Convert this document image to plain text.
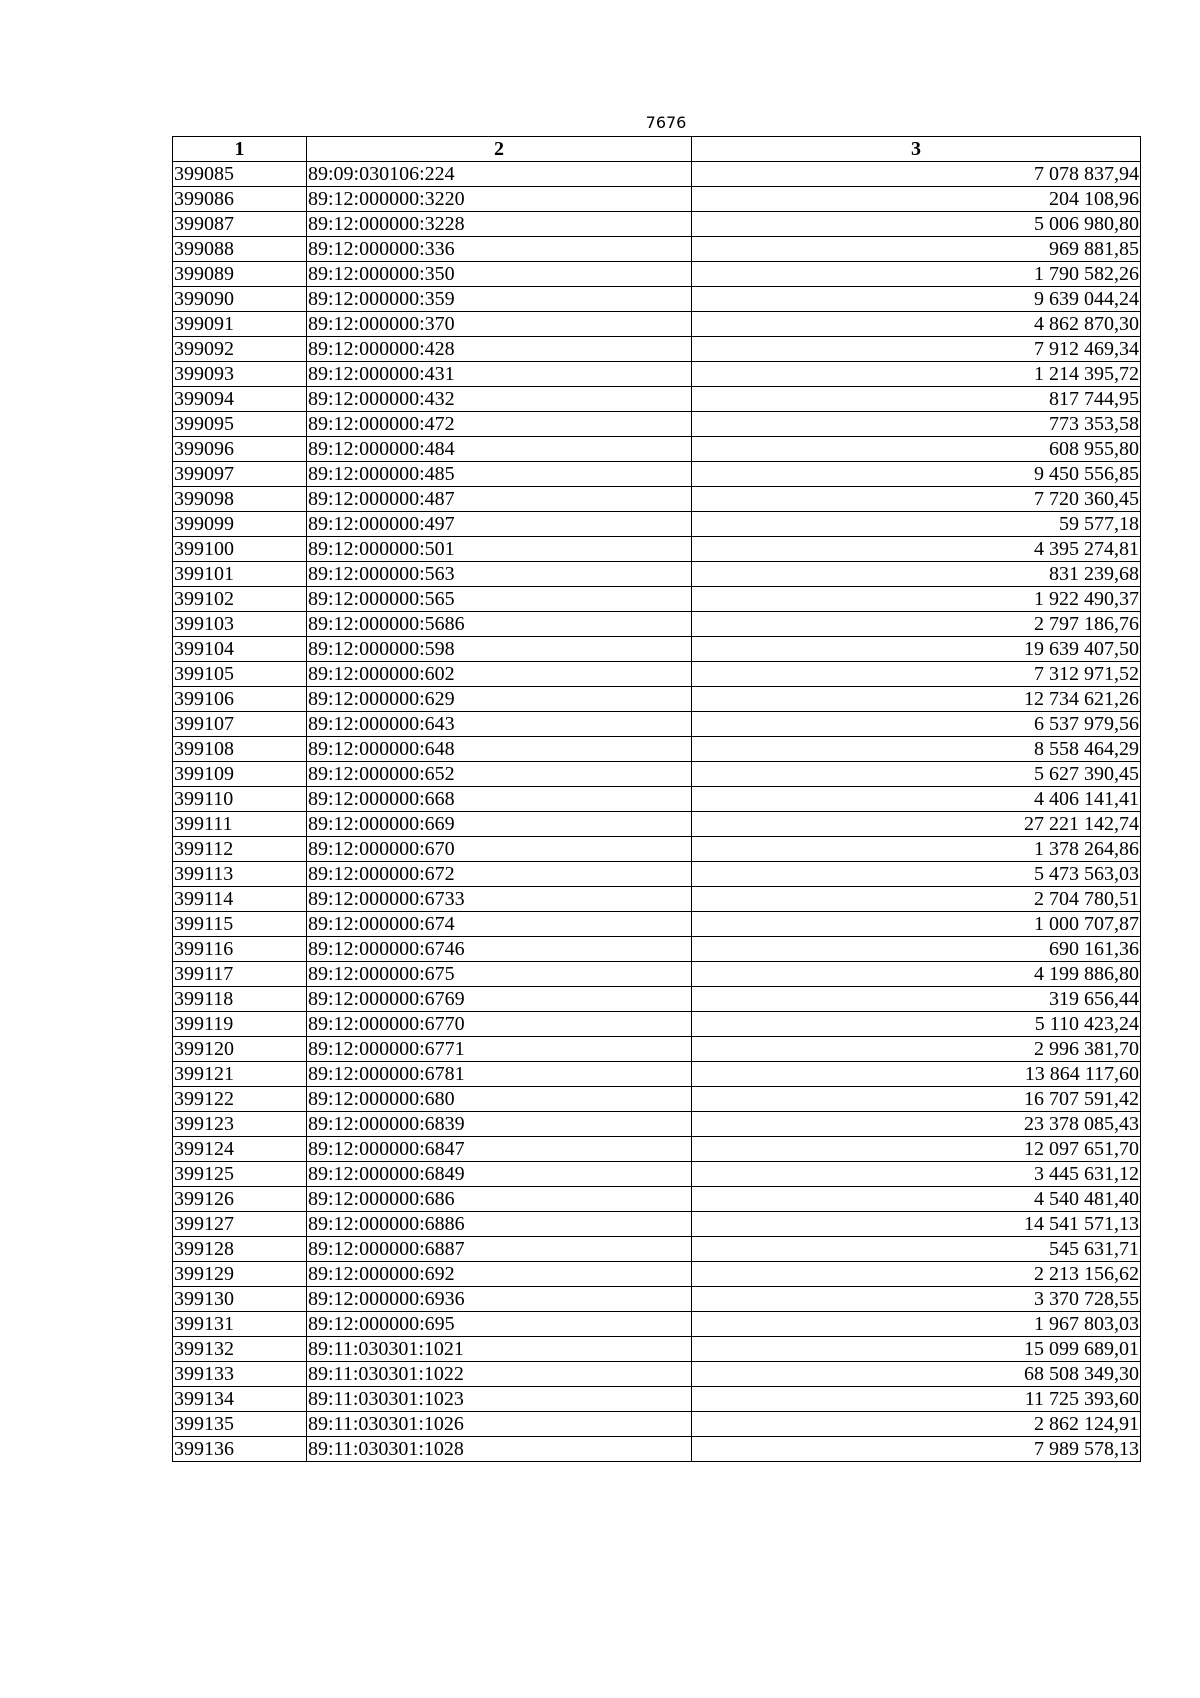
7676
1	2	3
399085	89:09:030106:224	7 078 837,94
399086	89:12:000000:3220	204 108,96
399087	89:12:000000:3228	5 006 980,80
399088	89:12:000000:336	969 881,85
399089	89:12:000000:350	1 790 582,26
399090	89:12:000000:359	9 639 044,24
399091	89:12:000000:370	4 862 870,30
399092	89:12:000000:428	7 912 469,34
399093	89:12:000000:431	1 214 395,72
399094	89:12:000000:432	817 744,95
399095	89:12:000000:472	773 353,58
399096	89:12:000000:484	608 955,80
399097	89:12:000000:485	9 450 556,85
399098	89:12:000000:487	7 720 360,45
399099	89:12:000000:497	59 577,18
399100	89:12:000000:501	4 395 274,81
399101	89:12:000000:563	831 239,68
399102	89:12:000000:565	1 922 490,37
399103	89:12:000000:5686	2 797 186,76
399104	89:12:000000:598	19 639 407,50
399105	89:12:000000:602	7 312 971,52
399106	89:12:000000:629	12 734 621,26
399107	89:12:000000:643	6 537 979,56
399108	89:12:000000:648	8 558 464,29
399109	89:12:000000:652	5 627 390,45
399110	89:12:000000:668	4 406 141,41
399111	89:12:000000:669	27 221 142,74
399112	89:12:000000:670	1 378 264,86
399113	89:12:000000:672	5 473 563,03
399114	89:12:000000:6733	2 704 780,51
399115	89:12:000000:674	1 000 707,87
399116	89:12:000000:6746	690 161,36
399117	89:12:000000:675	4 199 886,80
399118	89:12:000000:6769	319 656,44
399119	89:12:000000:6770	5 110 423,24
399120	89:12:000000:6771	2 996 381,70
399121	89:12:000000:6781	13 864 117,60
399122	89:12:000000:680	16 707 591,42
399123	89:12:000000:6839	23 378 085,43
399124	89:12:000000:6847	12 097 651,70
399125	89:12:000000:6849	3 445 631,12
399126	89:12:000000:686	4 540 481,40
399127	89:12:000000:6886	14 541 571,13
399128	89:12:000000:6887	545 631,71
399129	89:12:000000:692	2 213 156,62
399130	89:12:000000:6936	3 370 728,55
399131	89:12:000000:695	1 967 803,03
399132	89:11:030301:1021	15 099 689,01
399133	89:11:030301:1022	68 508 349,30
399134	89:11:030301:1023	11 725 393,60
399135	89:11:030301:1026	2 862 124,91
399136	89:11:030301:1028	7 989 578,13
